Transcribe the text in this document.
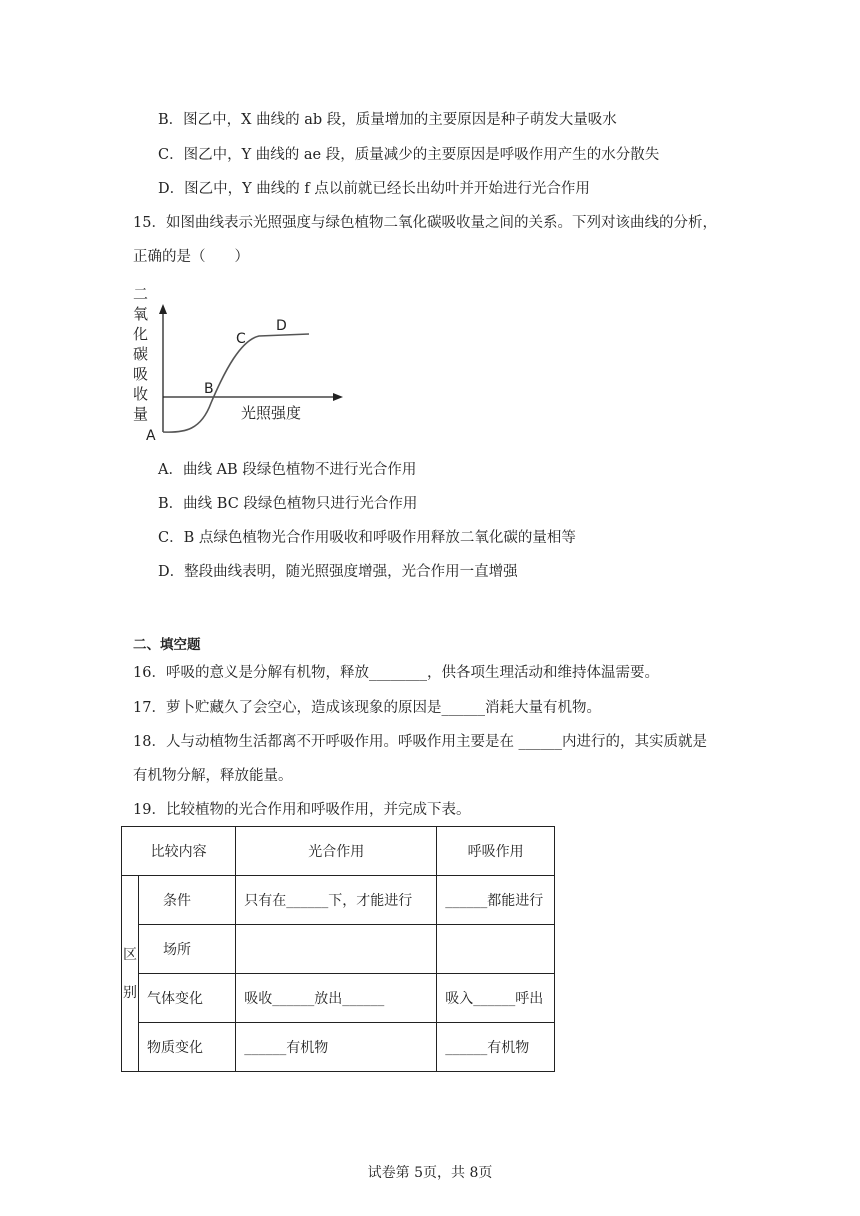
B．图乙中，X 曲线的 ab 段，质量增加的主要原因是种子萌发大量吸水
C．图乙中，Y 曲线的 ae 段，质量减少的主要原因是呼吸作用产生的水分散失
D．图乙中，Y 曲线的 f 点以前就已经长出幼叶并开始进行光合作用
15．如图曲线表示光照强度与绿色植物二氧化碳吸收量之间的关系。下列对该曲线的分析，
正确的是（　　）
二
氧
化
碳
吸
收
量	光照强度
A
B
C
D
A．曲线 AB 段绿色植物不进行光合作用
B．曲线 BC 段绿色植物只进行光合作用
C．B 点绿色植物光合作用吸收和呼吸作用释放二氧化碳的量相等
D．整段曲线表明，随光照强度增强，光合作用一直增强
二、填空题
16．呼吸的意义是分解有机物，释放________，供各项生理活动和维持体温需要。
17．萝卜贮藏久了会空心，造成该现象的原因是______消耗大量有机物。
18．人与动植物生活都离不开呼吸作用。呼吸作用主要是在 ______内进行的，其实质就是
有机物分解，释放能量。
19．比较植物的光合作用和呼吸作用，并完成下表。
比较内容		光合作用	呼吸作用
区
别	条件	只有在______下，才能进行	______都能进行
	场所		
	气体变化	吸收______放出______	吸入______呼出
	物质变化	______有机物	______有机物
试卷第 5页，共 8页
